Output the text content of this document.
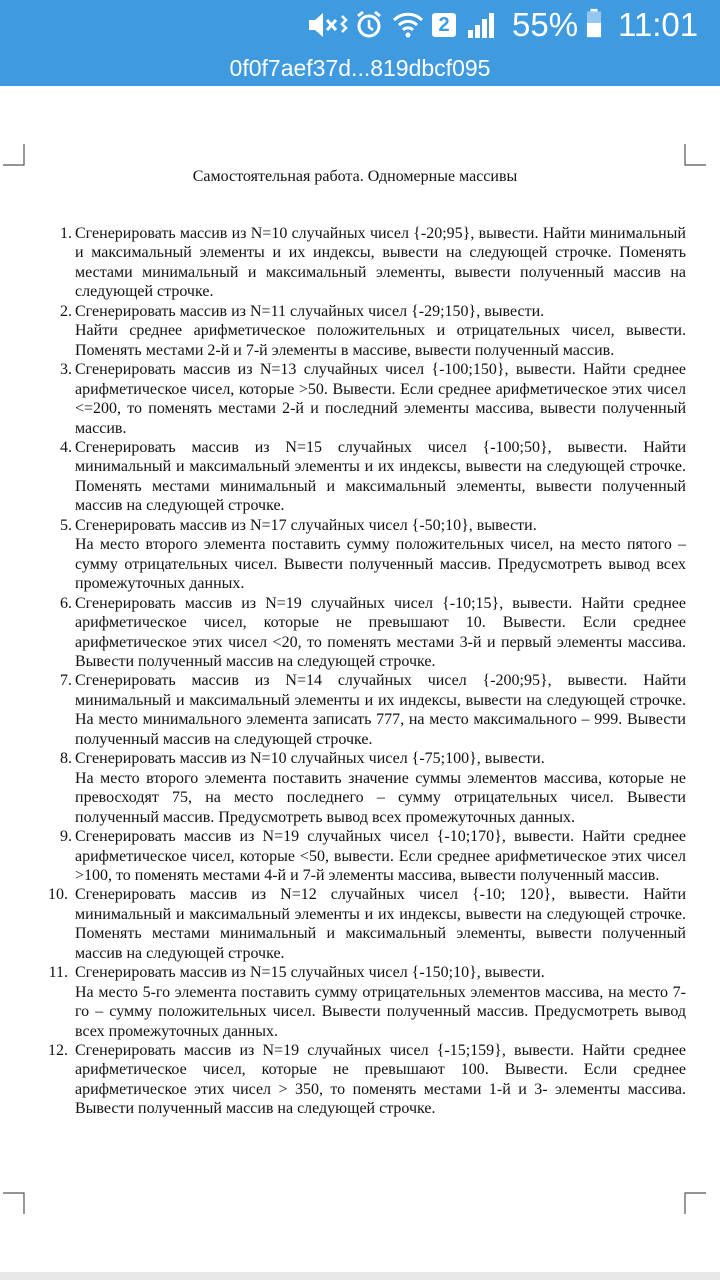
2 55% 11:01
0f0f7aef37d...819dbcf095
Самостоятельная работа. Одномерные массивы
1. Сгенерировать массив из N=10 случайных чисел {-20;95}, вывести. Найти минимальный и максимальный элементы и их индексы, вывести на следующей строчке. Поменять местами минимальный и максимальный элементы, вывести полученный массив на следующей строчке.
2. Сгенерировать массив из N=11 случайных чисел {-29;150}, вывести.
Найти среднее арифметическое положительных и отрицательных чисел, вывести. Поменять местами 2-й и 7-й элементы в массиве, вывести полученный массив.
3. Сгенерировать массив из N=13 случайных чисел {-100;150}, вывести. Найти среднее арифметическое чисел, которые >50. Вывести. Если среднее арифметическое этих чисел <=200, то поменять местами 2-й и последний элементы массива, вывести полученный массив.
4. Сгенерировать массив из N=15 случайных чисел {-100;50}, вывести. Найти минимальный и максимальный элементы и их индексы, вывести на следующей строчке. Поменять местами минимальный и максимальный элементы, вывести полученный массив на следующей строчке.
5. Сгенерировать массив из N=17 случайных чисел {-50;10}, вывести.
На место второго элемента поставить сумму положительных чисел, на место пятого – сумму отрицательных чисел. Вывести полученный массив. Предусмотреть вывод всех промежуточных данных.
6. Сгенерировать массив из N=19 случайных чисел {-10;15}, вывести. Найти среднее арифметическое чисел, которые не превышают 10. Вывести. Если среднее арифметическое этих чисел <20, то поменять местами 3-й и первый элементы массива. Вывести полученный массив на следующей строчке.
7. Сгенерировать массив из N=14 случайных чисел {-200;95}, вывести. Найти минимальный и максимальный элементы и их индексы, вывести на следующей строчке. На место минимального элемента записать 777, на место максимального – 999. Вывести полученный массив на следующей строчке.
8. Сгенерировать массив из N=10 случайных чисел {-75;100}, вывести.
На место второго элемента поставить значение суммы элементов массива, которые не превосходят 75, на место последнего – сумму отрицательных чисел. Вывести полученный массив. Предусмотреть вывод всех промежуточных данных.
9. Сгенерировать массив из N=19 случайных чисел {-10;170}, вывести. Найти среднее арифметическое чисел, которые <50, вывести. Если среднее арифметическое этих чисел >100, то поменять местами 4-й и 7-й элементы массива, вывести полученный массив.
10. Сгенерировать массив из N=12 случайных чисел {-10; 120}, вывести. Найти минимальный и максимальный элементы и их индексы, вывести на следующей строчке. Поменять местами минимальный и максимальный элементы, вывести полученный массив на следующей строчке.
11. Сгенерировать массив из N=15 случайных чисел {-150;10}, вывести.
На место 5-го элемента поставить сумму отрицательных элементов массива, на место 7-го – сумму положительных чисел. Вывести полученный массив. Предусмотреть вывод всех промежуточных данных.
12. Сгенерировать массив из N=19 случайных чисел {-15;159}, вывести. Найти среднее арифметическое чисел, которые не превышают 100. Вывести. Если среднее арифметическое этих чисел > 350, то поменять местами 1-й и 3- элементы массива. Вывести полученный массив на следующей строчке.
